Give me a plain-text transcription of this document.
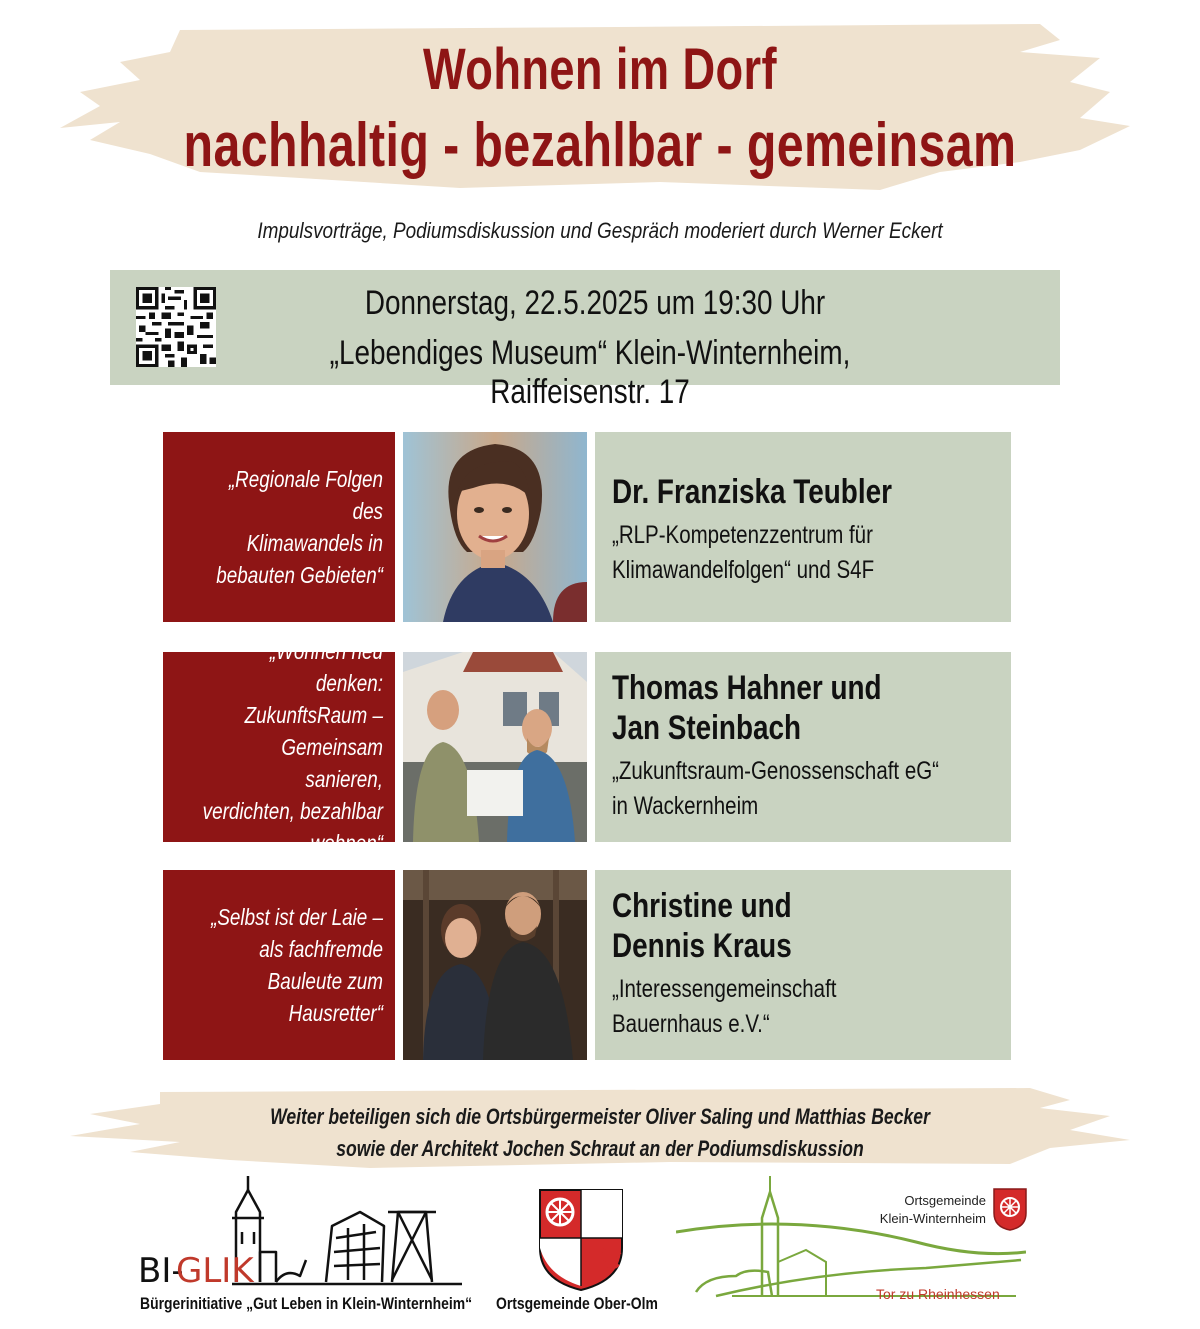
Wohnen im Dorf
nachhaltig - bezahlbar - gemeinsam
Impulsvorträge, Podiumsdiskussion und Gespräch moderiert durch Werner Eckert
Donnerstag, 22.5.2025 um 19:30 Uhr
„Lebendiges Museum“ Klein-Winternheim, Raiffeisenstr. 17
„Regionale Folgen des
Klimawandels in
bebauten Gebieten“
Dr. Franziska Teubler
„RLP-Kompetenzzentrum für
Klimawandelfolgen“ und S4F
„Wohnen neu denken:
ZukunftsRaum –
Gemeinsam sanieren,
verdichten, bezahlbar
wohnen“
Thomas Hahner und
Jan Steinbach
„Zukunftsraum-Genossenschaft eG“
in Wackernheim
„Selbst ist der Laie –
als fachfremde
Bauleute zum
Hausretter“
Christine und
Dennis Kraus
„Interessengemeinschaft
Bauernhaus e.V.“
Weiter beteiligen sich die Ortsbürgermeister Oliver Saling und Matthias Becker
sowie der Architekt Jochen Schraut an der Podiumsdiskussion
BI-
GLIK
Bürgerinitiative „Gut Leben in Klein-Winternheim“	Ortsgemeinde Ober-Olm
Ortsgemeinde
Klein-Winternheim
Tor zu Rheinhessen
